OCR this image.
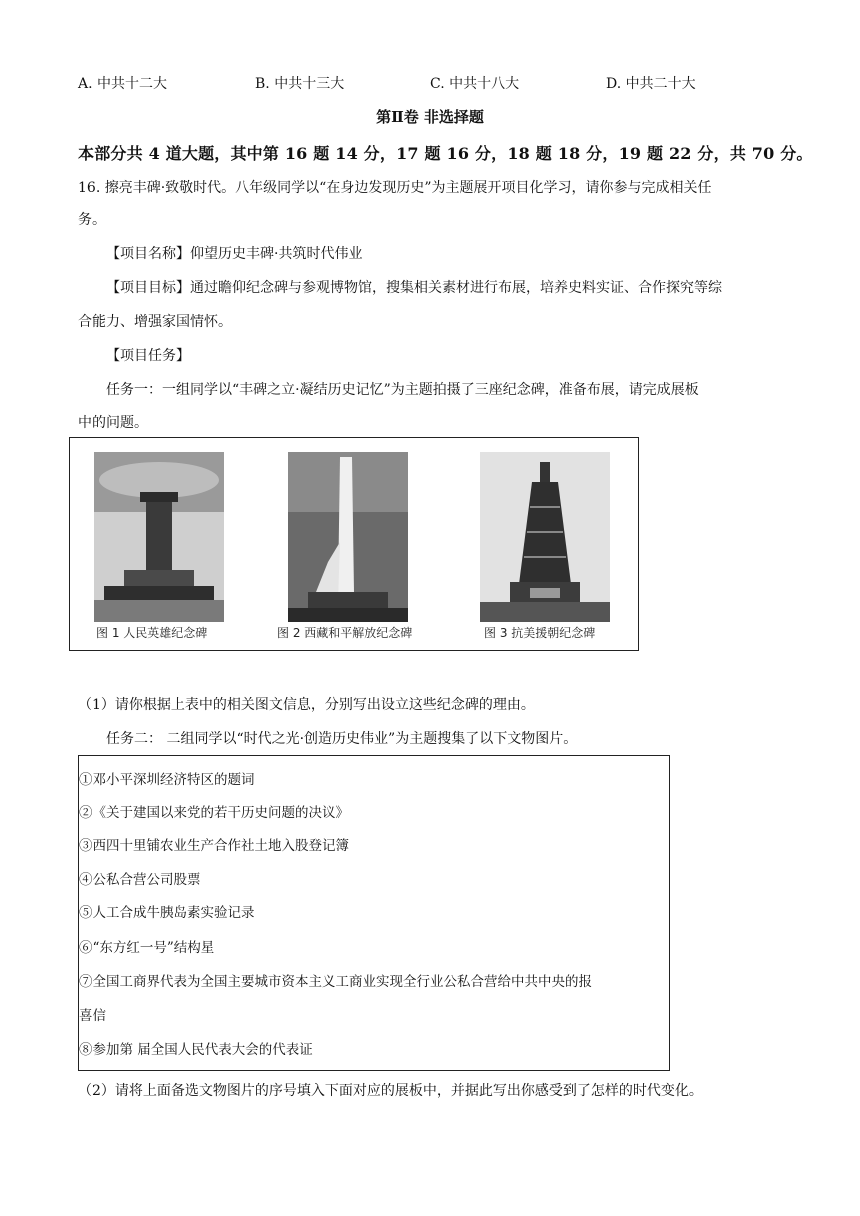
A. 中共十二大	B. 中共十三大	C. 中共十八大	D. 中共二十大
第Ⅱ卷 非选择题
本部分共 4 道大题，其中第 16 题 14 分，17 题 16 分，18 题 18 分，19 题 22 分，共 70 分。
16. 擦亮丰碑·致敬时代。八年级同学以“在身边发现历史”为主题展开项目化学习，请你参与完成相关任
务。
【项目名称】仰望历史丰碑·共筑时代伟业
【项目目标】通过瞻仰纪念碑与参观博物馆，搜集相关素材进行布展，培养史料实证、合作探究等综
合能力、增强家国情怀。
【项目任务】
任务一：一组同学以“丰碑之立·凝结历史记忆”为主题拍摄了三座纪念碑，准备布展，请完成展板
中的问题。
图 1 人民英雄纪念碑	图 2 西藏和平解放纪念碑	图 3 抗美援朝纪念碑
（1）请你根据上表中的相关图文信息，分别写出设立这些纪念碑的理由。
任务二： 二组同学以“时代之光·创造历史伟业”为主题搜集了以下文物图片。
①邓小平深圳经济特区的题词
②《关于建国以来党的若干历史问题的决议》
③西四十里铺农业生产合作社土地入股登记簿
④公私合营公司股票
⑤人工合成牛胰岛素实验记录
⑥“东方红一号”结构星
⑦全国工商界代表为全国主要城市资本主义工商业实现全行业公私合营给中共中央的报
喜信
⑧参加第 届全国人民代表大会的代表证
（2）请将上面备选文物图片的序号填入下面对应的展板中，并据此写出你感受到了怎样的时代变化。
